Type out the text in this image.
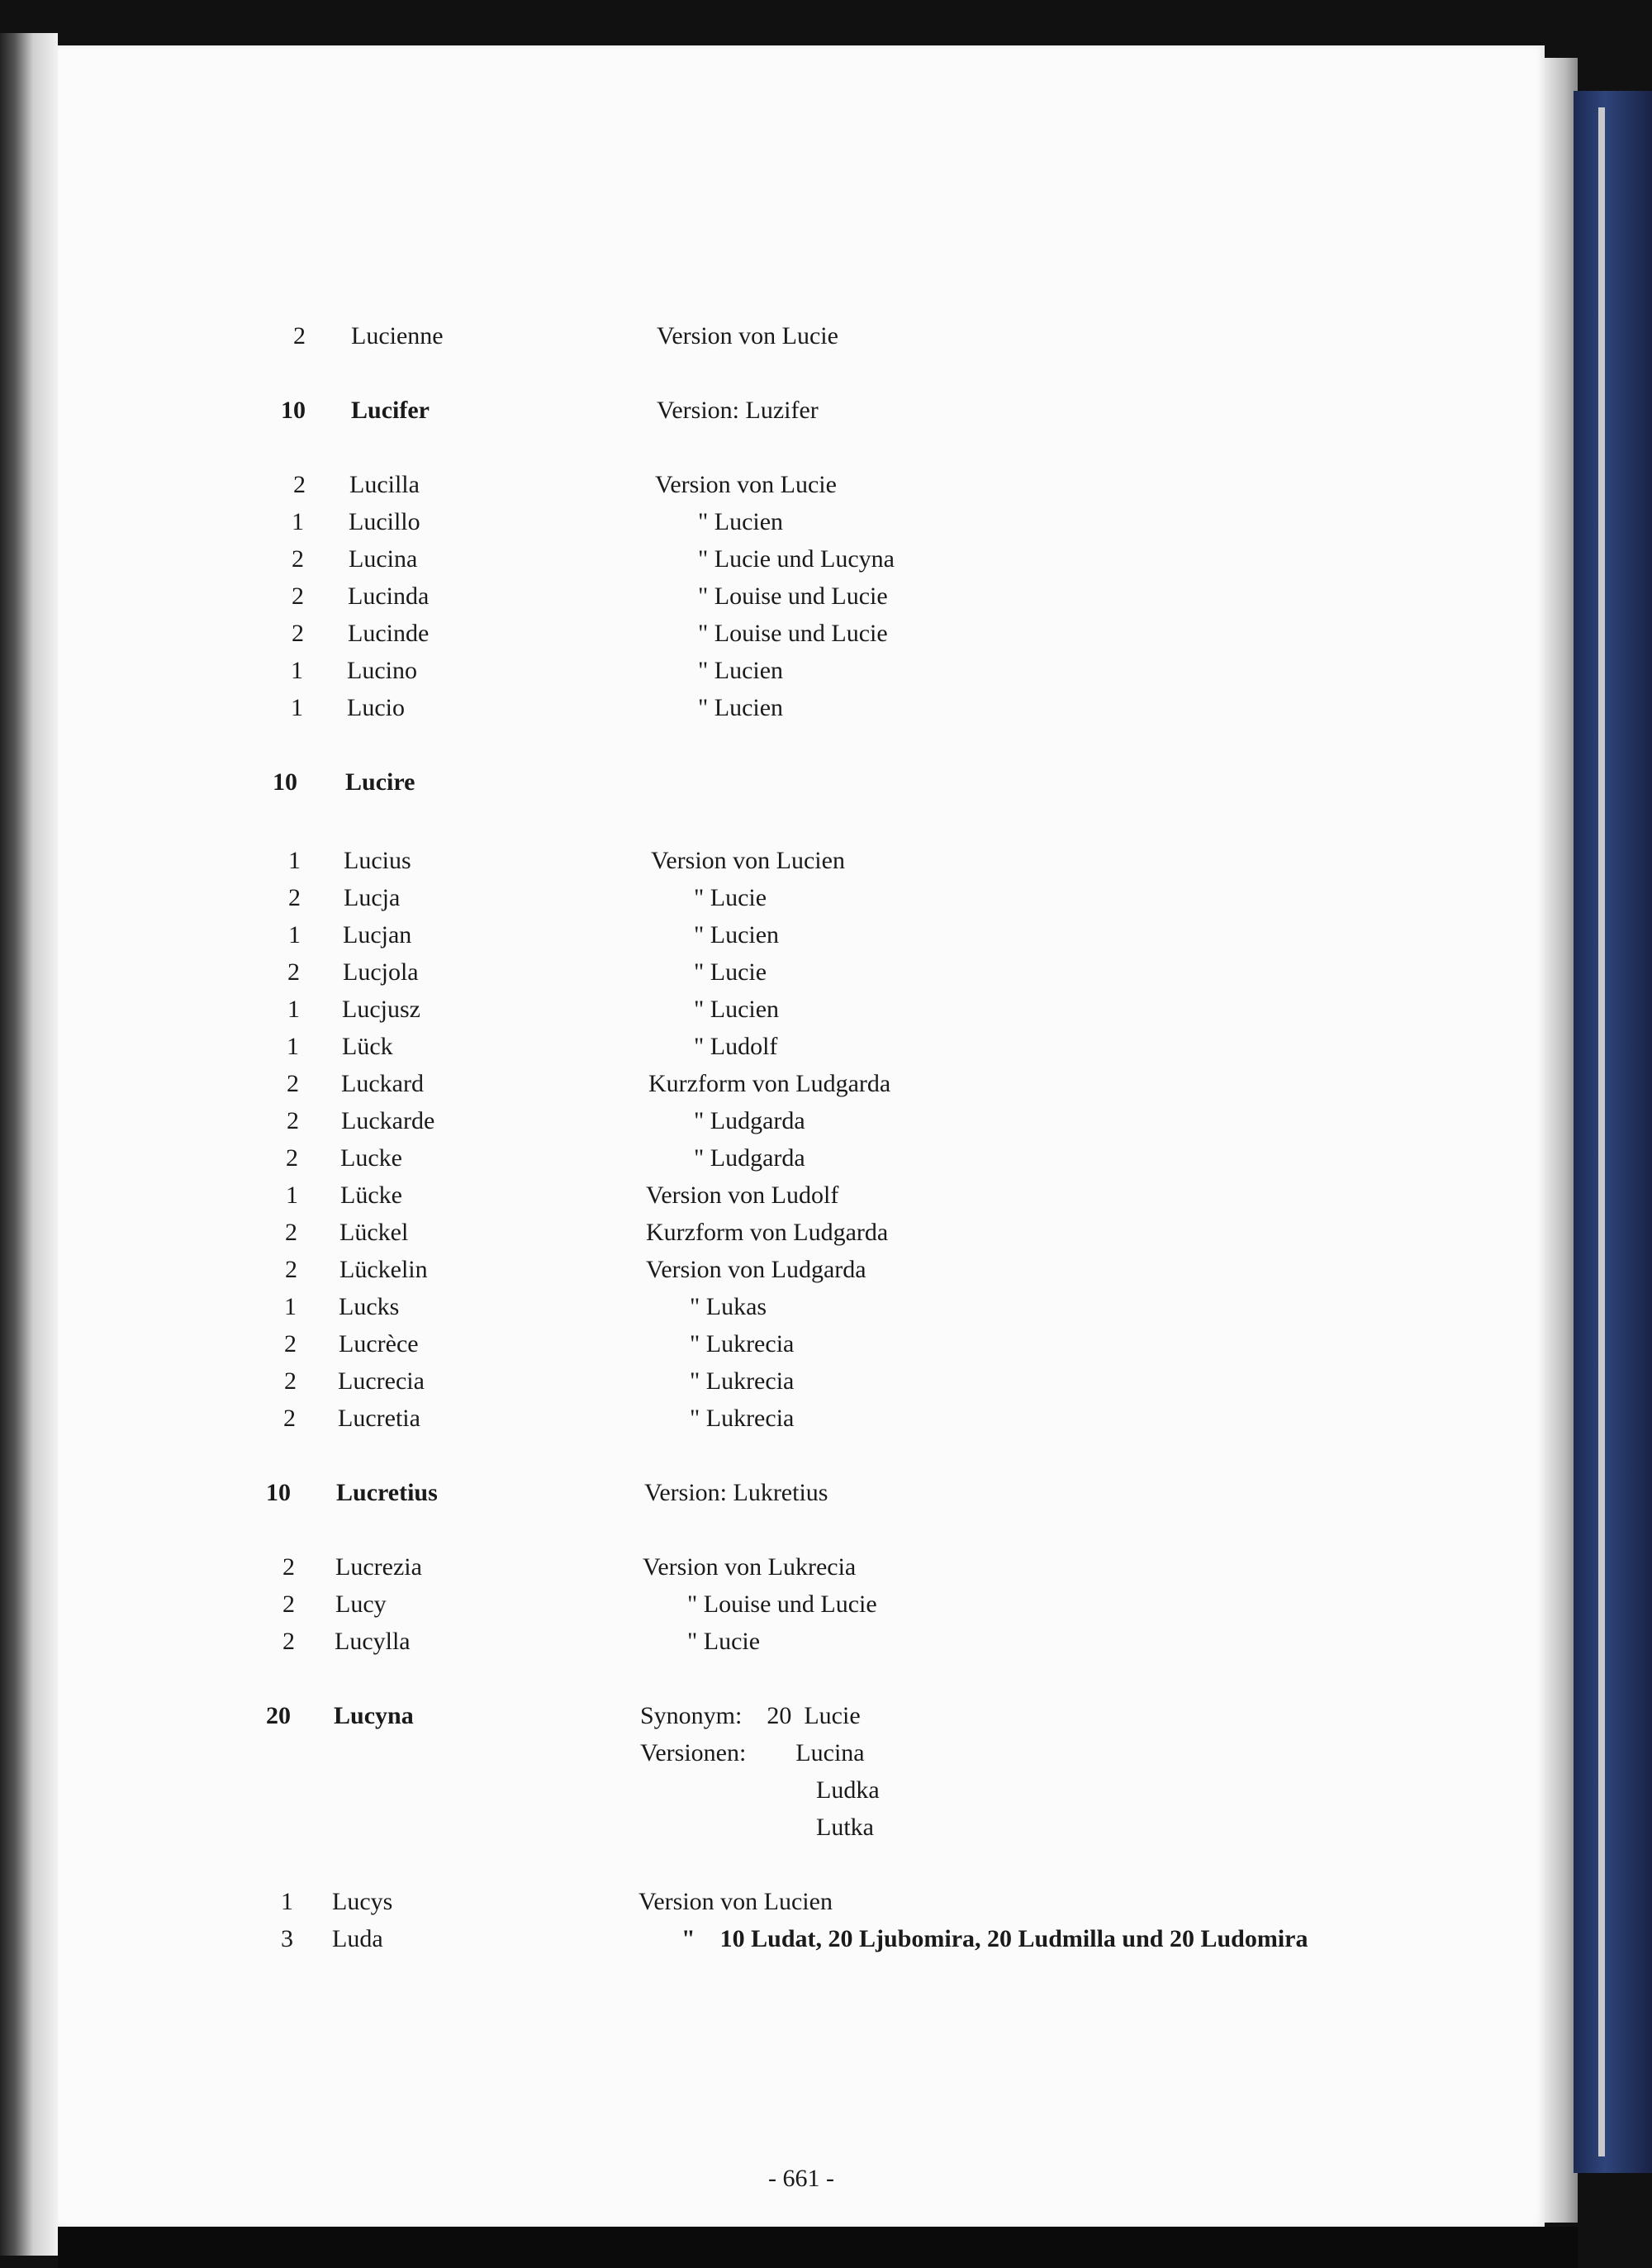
2 Lucienne	Version von Lucie
10 Lucifer	Version: Luzifer
2 Lucilla	Version von Lucie
1 Lucillo	" Lucien
2 Lucina	" Lucie und Lucyna
2 Lucinda	" Louise und Lucie
2 Lucinde	" Louise und Lucie
1 Lucino	" Lucien
1 Lucio	" Lucien
10 Lucire
1 Lucius	Version von Lucien
2 Lucja	" Lucie
1 Lucjan	" Lucien
2 Lucjola	" Lucie
1 Lucjusz	" Lucien
1 Lück	" Ludolf
2 Luckard	Kurzform von Ludgarda
2 Luckarde	" Ludgarda
2 Lucke	" Ludgarda
1 Lücke	Version von Ludolf
2 Lückel	Kurzform von Ludgarda
2 Lückelin	Version von Ludgarda
1 Lucks	" Lukas
2 Lucrèce	" Lukrecia
2 Lucrecia	" Lukrecia
2 Lucretia	" Lukrecia
10 Lucretius	Version: Lukretius
2 Lucrezia	Version von Lukrecia
2 Lucy	" Louise und Lucie
2 Lucylla	" Lucie
20 Lucyna	Synonym:    20  Lucie
Versionen:        Lucina
Ludka
Lutka
1 Lucys	Version von Lucien
3 Luda	"    10 Ludat, 20 Ljubomira, 20 Ludmilla und 20 Ludomira
- 661 -
